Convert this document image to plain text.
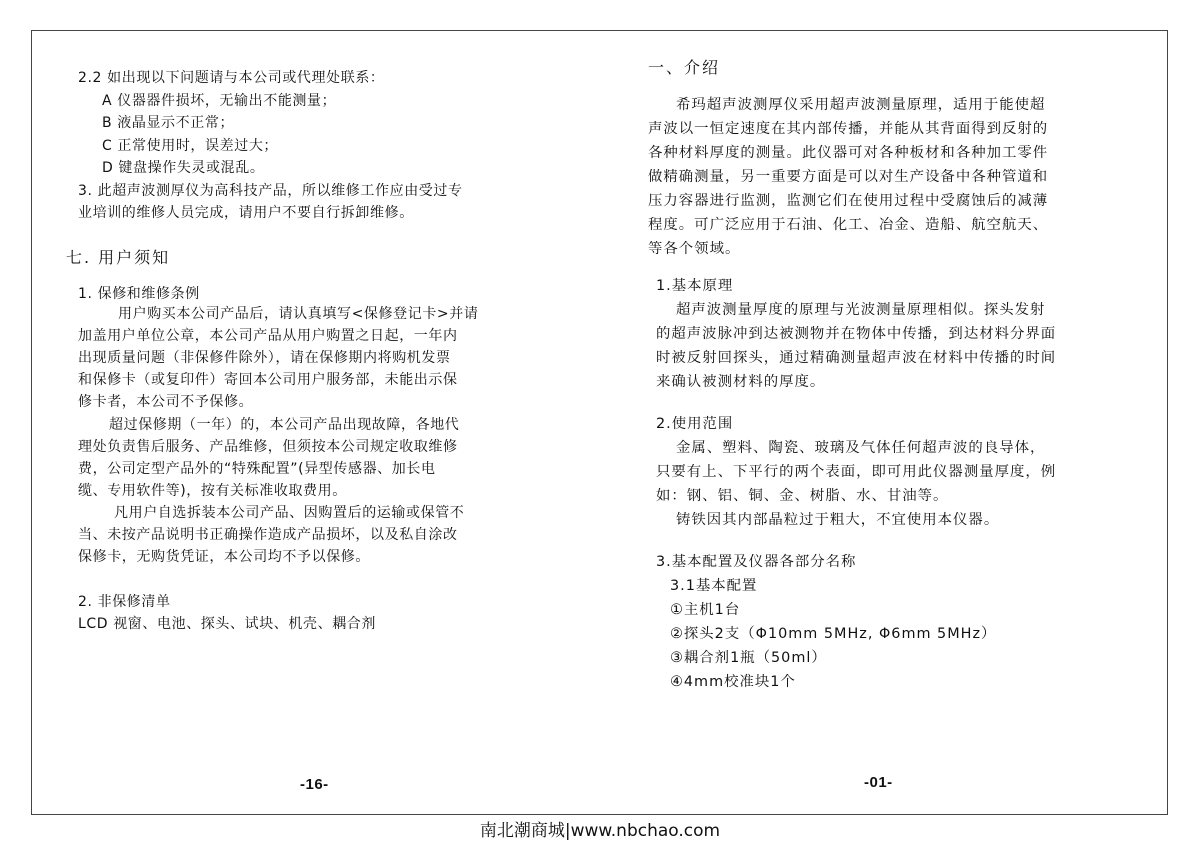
2.2 如出现以下问题请与本公司或代理处联系：
A 仪器器件损坏，无输出不能测量；
B 液晶显示不正常；
C 正常使用时，误差过大；
D 键盘操作失灵或混乱。
3. 此超声波测厚仪为高科技产品，所以维修工作应由受过专
业培训的维修人员完成，请用户不要自行拆卸维修。
七. 用户须知
1. 保修和维修条例
用户购买本公司产品后，请认真填写<保修登记卡>并请
加盖用户单位公章，本公司产品从用户购置之日起，一年内
出现质量问题（非保修件除外），请在保修期内将购机发票
和保修卡（或复印件）寄回本公司用户服务部，未能出示保
修卡者，本公司不予保修。
超过保修期（一年）的，本公司产品出现故障，各地代
理处负责售后服务、产品维修，但须按本公司规定收取维修
费，公司定型产品外的“特殊配置”(异型传感器、加长电
缆、专用软件等)，按有关标准收取费用。
凡用户自选拆装本公司产品、因购置后的运输或保管不
当、未按产品说明书正确操作造成产品损坏，以及私自涂改
保修卡，无购货凭证，本公司均不予以保修。
2. 非保修清单
LCD 视窗、电池、探头、试块、机壳、耦合剂
-16-
一、介绍
希玛超声波测厚仪采用超声波测量原理，适用于能使超
声波以一恒定速度在其内部传播，并能从其背面得到反射的
各种材料厚度的测量。此仪器可对各种板材和各种加工零件
做精确测量，另一重要方面是可以对生产设备中各种管道和
压力容器进行监测，监测它们在使用过程中受腐蚀后的减薄
程度。可广泛应用于石油、化工、冶金、造船、航空航天、
等各个领域。
1.基本原理
超声波测量厚度的原理与光波测量原理相似。探头发射
的超声波脉冲到达被测物并在物体中传播，到达材料分界面
时被反射回探头，通过精确测量超声波在材料中传播的时间
来确认被测材料的厚度。
2.使用范围
金属、塑料、陶瓷、玻璃及气体任何超声波的良导体，
只要有上、下平行的两个表面，即可用此仪器测量厚度，例
如：钢、铝、铜、金、树脂、水、甘油等。
铸铁因其内部晶粒过于粗大，不宜使用本仪器。
3.基本配置及仪器各部分名称
3.1基本配置
①主机1台
②探头2支（Φ10mm 5MHz, Φ6mm 5MHz）
③耦合剂1瓶（50ml）
④4mm校准块1个
-01-
南北潮商城|www.nbchao.com
